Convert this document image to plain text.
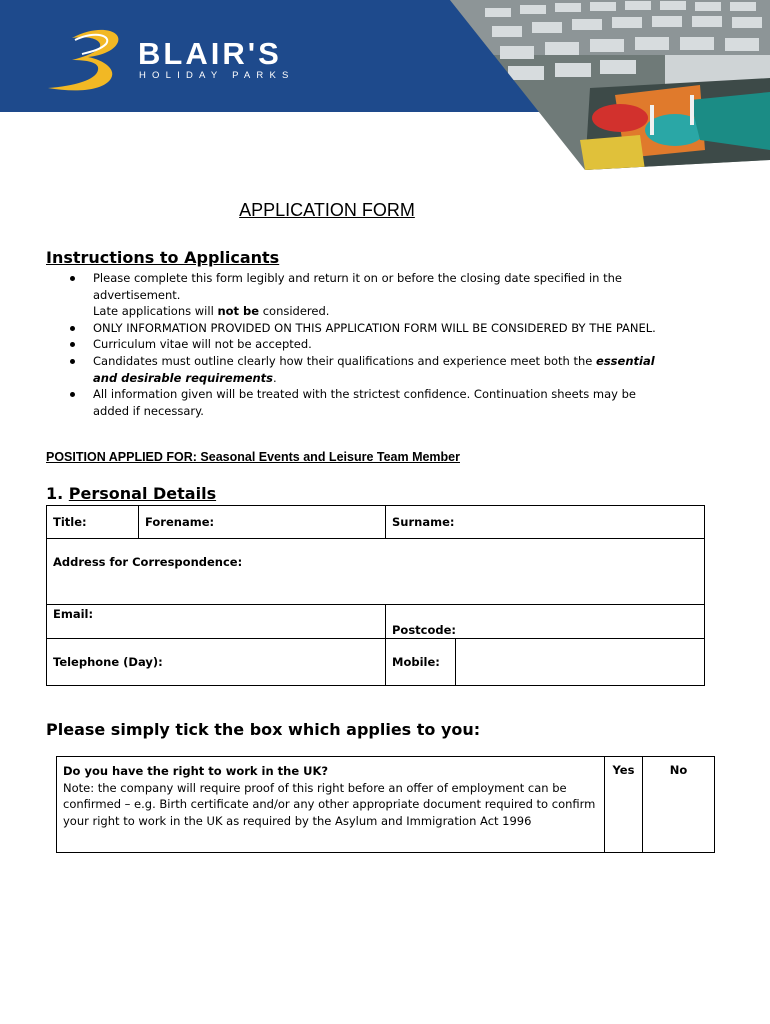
BLAIR'S
HOLIDAY PARKS
APPLICATION FORM
Instructions to Applicants
Please complete this form legibly and return it on or before the closing date specified in the advertisement.
Late applications will not be considered.
ONLY INFORMATION PROVIDED ON THIS APPLICATION FORM WILL BE CONSIDERED BY THE PANEL.
Curriculum vitae will not be accepted.
Candidates must outline clearly how their qualifications and experience meet both the essential and desirable requirements.
All information given will be treated with the strictest confidence. Continuation sheets may be added if necessary.
POSITION APPLIED FOR: Seasonal Events and Leisure Team Member
1. Personal Details
Title:	Forename:	Surname:	
Address for Correspondence:			
Email:		Postcode:	
Telephone (Day):		Mobile:	
Please simply tick the box which applies to you:
Do you have the right to work in the UK?
Note: the company will require proof of this right before an offer of employment can be confirmed – e.g. Birth certificate and/or any other appropriate document required to confirm your right to work in the UK as required by the Asylum and Immigration Act 1996
	Yes	No
